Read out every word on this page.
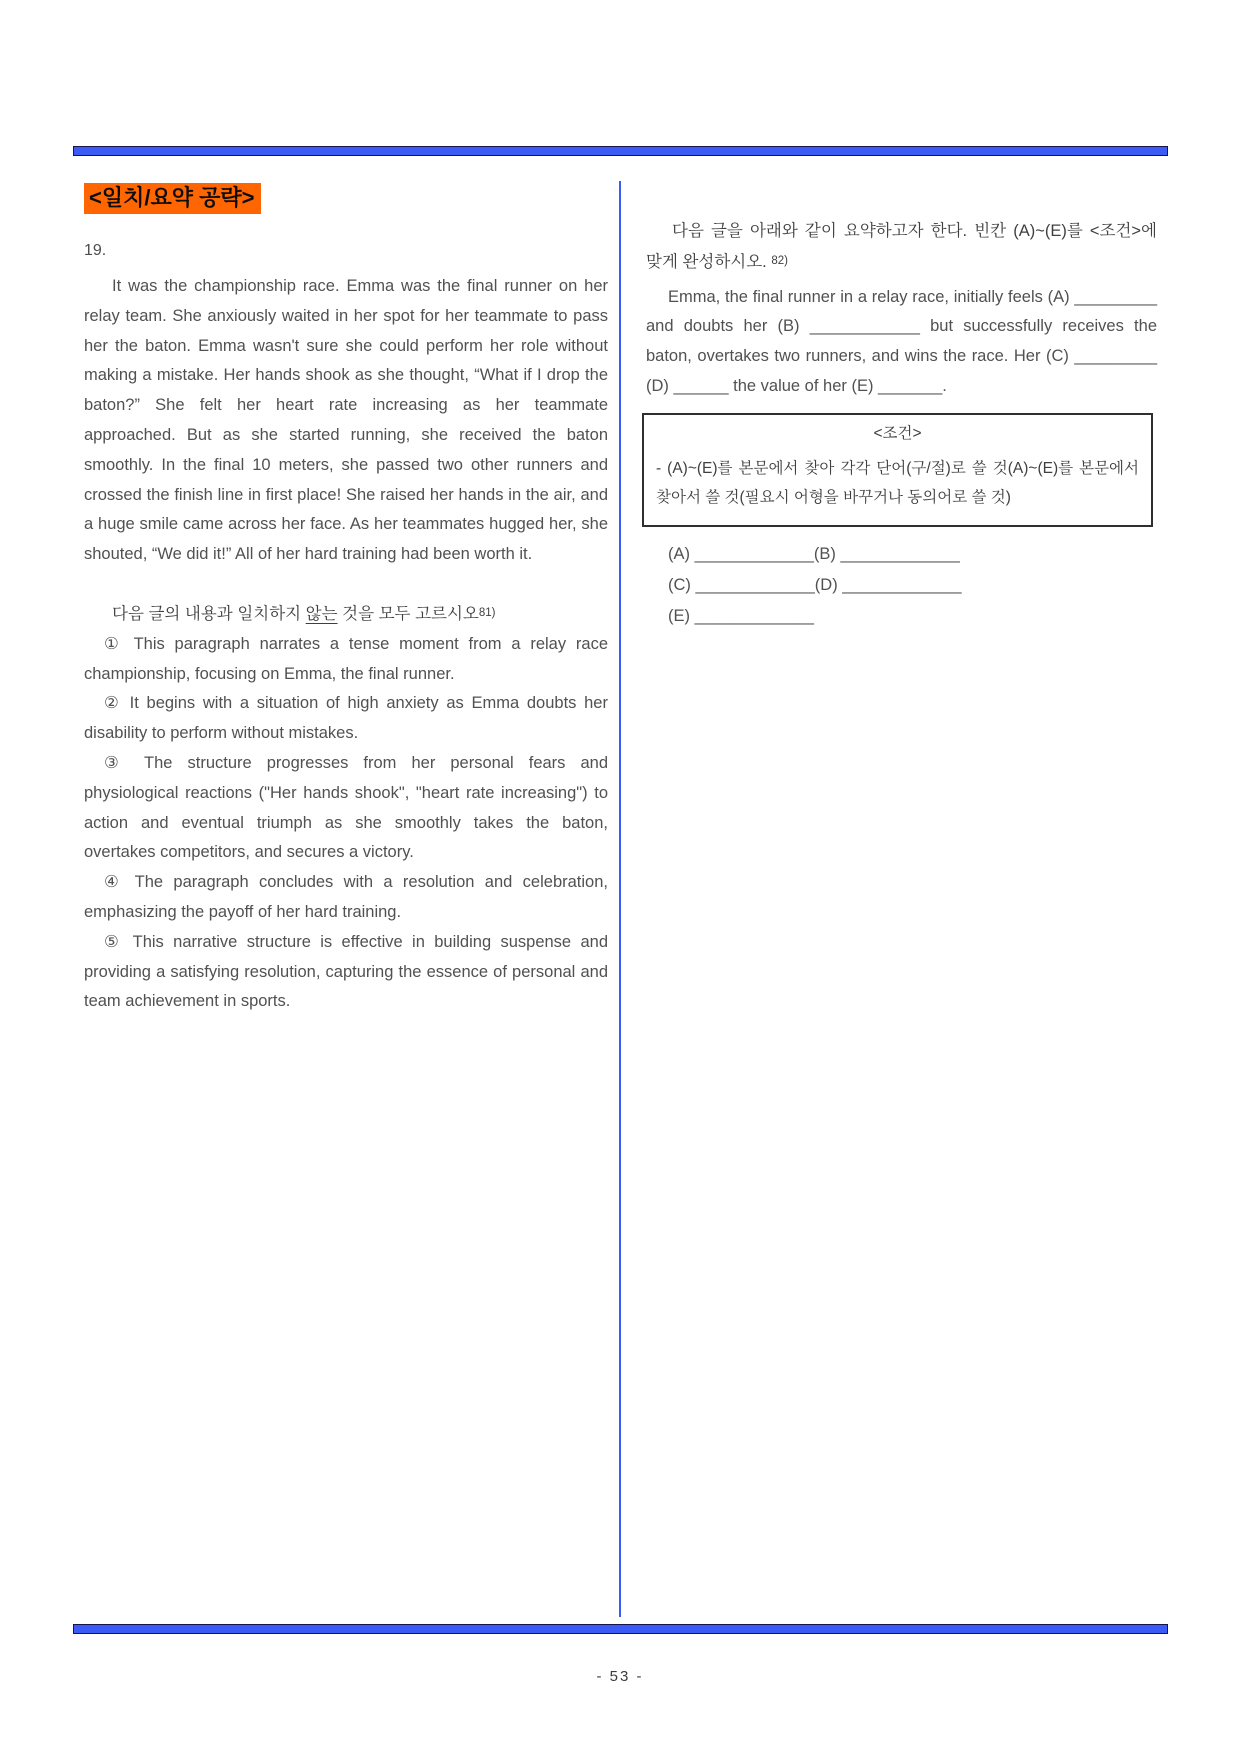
<일치/요약 공략>
19.

It was the championship race. Emma was the final runner on her relay team. She anxiously waited in her spot for her teammate to pass her the baton. Emma wasn't sure she could perform her role without making a mistake. Her hands shook as she thought, “What if I drop the baton?” She felt her heart rate increasing as her teammate approached. But as she started running, she received the baton smoothly. In the final 10 meters, she passed two other runners and crossed the finish line in first place! She raised her hands in the air, and a huge smile came across her face. As her teammates hugged her, she shouted, “We did it!” All of her hard training had been worth it.

다음 글의 내용과 일치하지 않는 것을 모두 고르시오81)

① This paragraph narrates a tense moment from a relay race championship, focusing on Emma, the final runner.

② It begins with a situation of high anxiety as Emma doubts her disability to perform without mistakes.

③ The structure progresses from her personal fears and physiological reactions ("Her hands shook", "heart rate increasing") to action and eventual triumph as she smoothly takes the baton, overtakes competitors, and secures a victory.

④ The paragraph concludes with a resolution and celebration, emphasizing the payoff of her hard training.

⑤ This narrative structure is effective in building suspense and providing a satisfying resolution, capturing the essence of personal and team achievement in sports.

다음 글을 아래와 같이 요약하고자 한다. 빈칸 (A)~(E)를 <조건>에 맞게 완성하시오. 82)

Emma, the final runner in a relay race, initially feels (A) _________ and doubts her (B) ____________ but successfully receives the baton, overtakes two runners, and wins the race. Her (C) _________ (D) ______ the value of her (E) _______.

<조건>

- (A)~(E)를 본문에서 찾아 각각 단어(구/절)로 쓸 것(A)~(E)를 본문에서 찾아서 쓸 것(필요시 어형을 바꾸거나 동의어로 쓸 것)

(A) _____________(B) _____________

(C) _____________(D) _____________

(E) _____________

- 53 -
